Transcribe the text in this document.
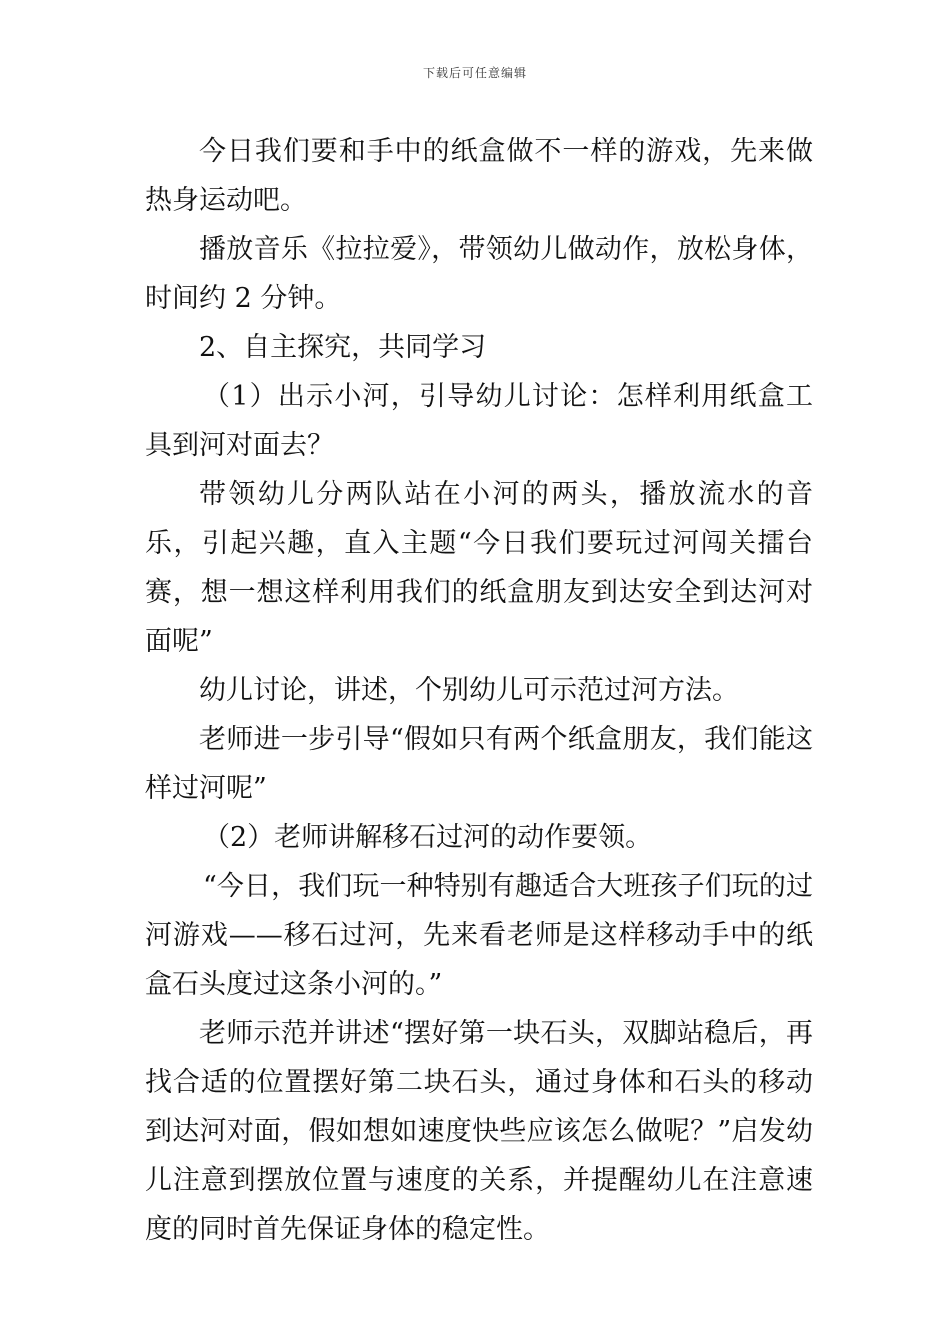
下载后可任意编辑

今日我们要和手中的纸盒做不一样的游戏，先来做热身运动吧。

播放音乐《拉拉爱》，带领幼儿做动作，放松身体，时间约 2 分钟。

2、自主探究，共同学习

（1）出示小河，引导幼儿讨论：怎样利用纸盒工具到河对面去？

带领幼儿分两队站在小河的两头，播放流水的音乐，引起兴趣，直入主题“今日我们要玩过河闯关擂台赛，想一想这样利用我们的纸盒朋友到达安全到达河对面呢”

幼儿讨论，讲述，个别幼儿可示范过河方法。

老师进一步引导“假如只有两个纸盒朋友，我们能这样过河呢”

（2）老师讲解移石过河的动作要领。

“今日，我们玩一种特别有趣适合大班孩子们玩的过河游戏——移石过河，先来看老师是这样移动手中的纸盒石头度过这条小河的。”

老师示范并讲述“摆好第一块石头，双脚站稳后，再找合适的位置摆好第二块石头，通过身体和石头的移动到达河对面，假如想如速度快些应该怎么做呢？”启发幼儿注意到摆放位置与速度的关系，并提醒幼儿在注意速度的同时首先保证身体的稳定性。
